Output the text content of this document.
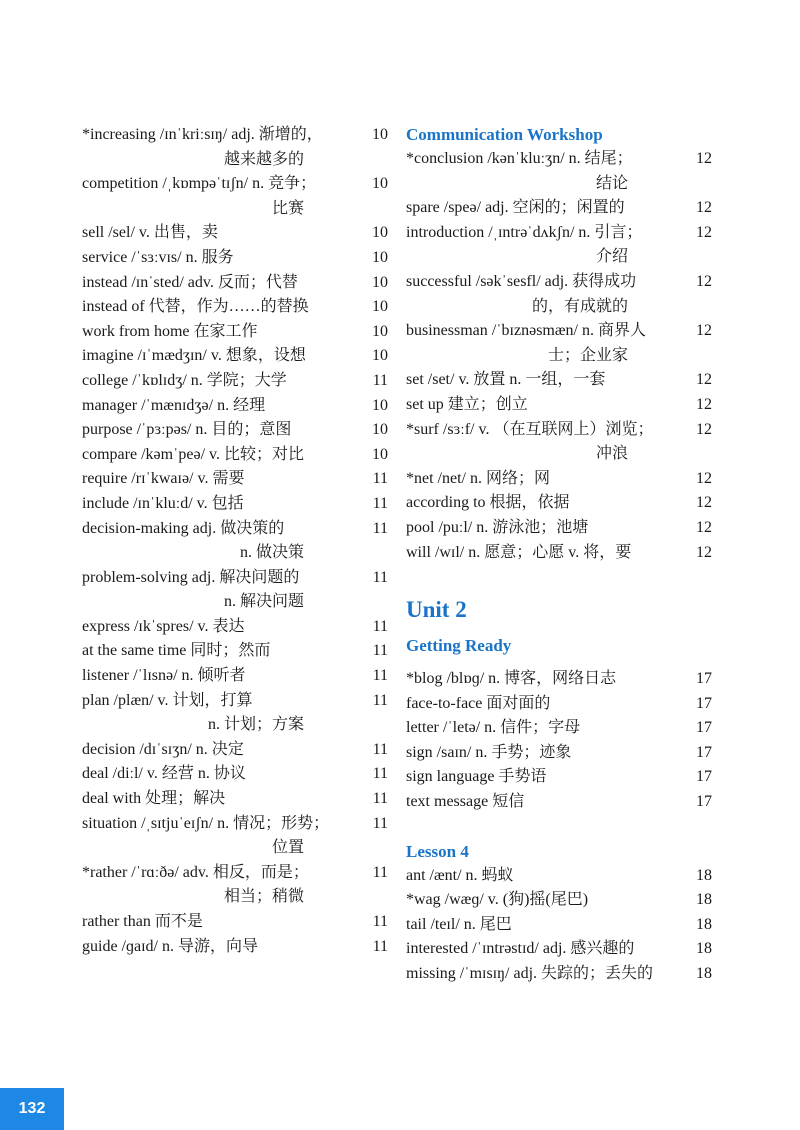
*increasing /ɪnˈkriːsɪŋ/ adj. 渐增的，	10
越来越多的
competition /ˌkɒmpəˈtɪʃn/ n. 竞争；	10
比赛
sell /sel/ v. 出售，卖	10
service /ˈsɜːvɪs/ n. 服务	10
instead /ɪnˈsted/ adv. 反而；代替	10
instead of 代替，作为……的替换	10
work from home 在家工作	10
imagine /ɪˈmædʒɪn/ v. 想象，设想	10
college /ˈkɒlɪdʒ/ n. 学院；大学	11
manager /ˈmænɪdʒə/ n. 经理	10
purpose /ˈpɜːpəs/ n. 目的；意图	10
compare /kəmˈpeə/ v. 比较；对比	10
require /rɪˈkwaɪə/ v. 需要	11
include /ɪnˈkluːd/ v. 包括	11
decision-making adj. 做决策的	11
n. 做决策
problem-solving adj. 解决问题的	11
n. 解决问题
express /ɪkˈspres/ v. 表达	11
at the same time 同时；然而	11
listener /ˈlɪsnə/ n. 倾听者	11
plan /plæn/ v. 计划，打算	11
n. 计划；方案
decision /dɪˈsɪʒn/ n. 决定	11
deal /diːl/ v. 经营 n. 协议	11
deal with 处理；解决	11
situation /ˌsɪtjuˈeɪʃn/ n. 情况；形势；	11
位置
*rather /ˈrɑːðə/ adv. 相反，而是；	11
相当；稍微
rather than 而不是	11
guide /ɡaɪd/ n. 导游，向导	11
Communication Workshop
*conclusion /kənˈkluːʒn/ n. 结尾；	12
结论
spare /speə/ adj. 空闲的；闲置的	12
introduction /ˌɪntrəˈdʌkʃn/ n. 引言；	12
介绍
successful /səkˈsesfl/ adj. 获得成功	12
的，有成就的
businessman /ˈbɪznəsmæn/ n. 商界人	12
士；企业家
set /set/ v. 放置 n. 一组，一套	12
set up 建立；创立	12
*surf /sɜːf/ v. （在互联网上）浏览；	12
冲浪
*net /net/ n. 网络；网	12
according to 根据，依据	12
pool /puːl/ n. 游泳池；池塘	12
will /wɪl/ n. 愿意；心愿 v. 将，要	12
Unit 2
Getting Ready
*blog /blɒɡ/ n. 博客，网络日志	17
face-to-face 面对面的	17
letter /ˈletə/ n. 信件；字母	17
sign /saɪn/ n. 手势；迹象	17
sign language 手势语	17
text message 短信	17
Lesson 4
ant /ænt/ n. 蚂蚁	18
*wag /wæɡ/ v. (狗)摇(尾巴)	18
tail /teɪl/ n. 尾巴	18
interested /ˈɪntrəstɪd/ adj. 感兴趣的	18
missing /ˈmɪsɪŋ/ adj. 失踪的；丢失的	18
132
